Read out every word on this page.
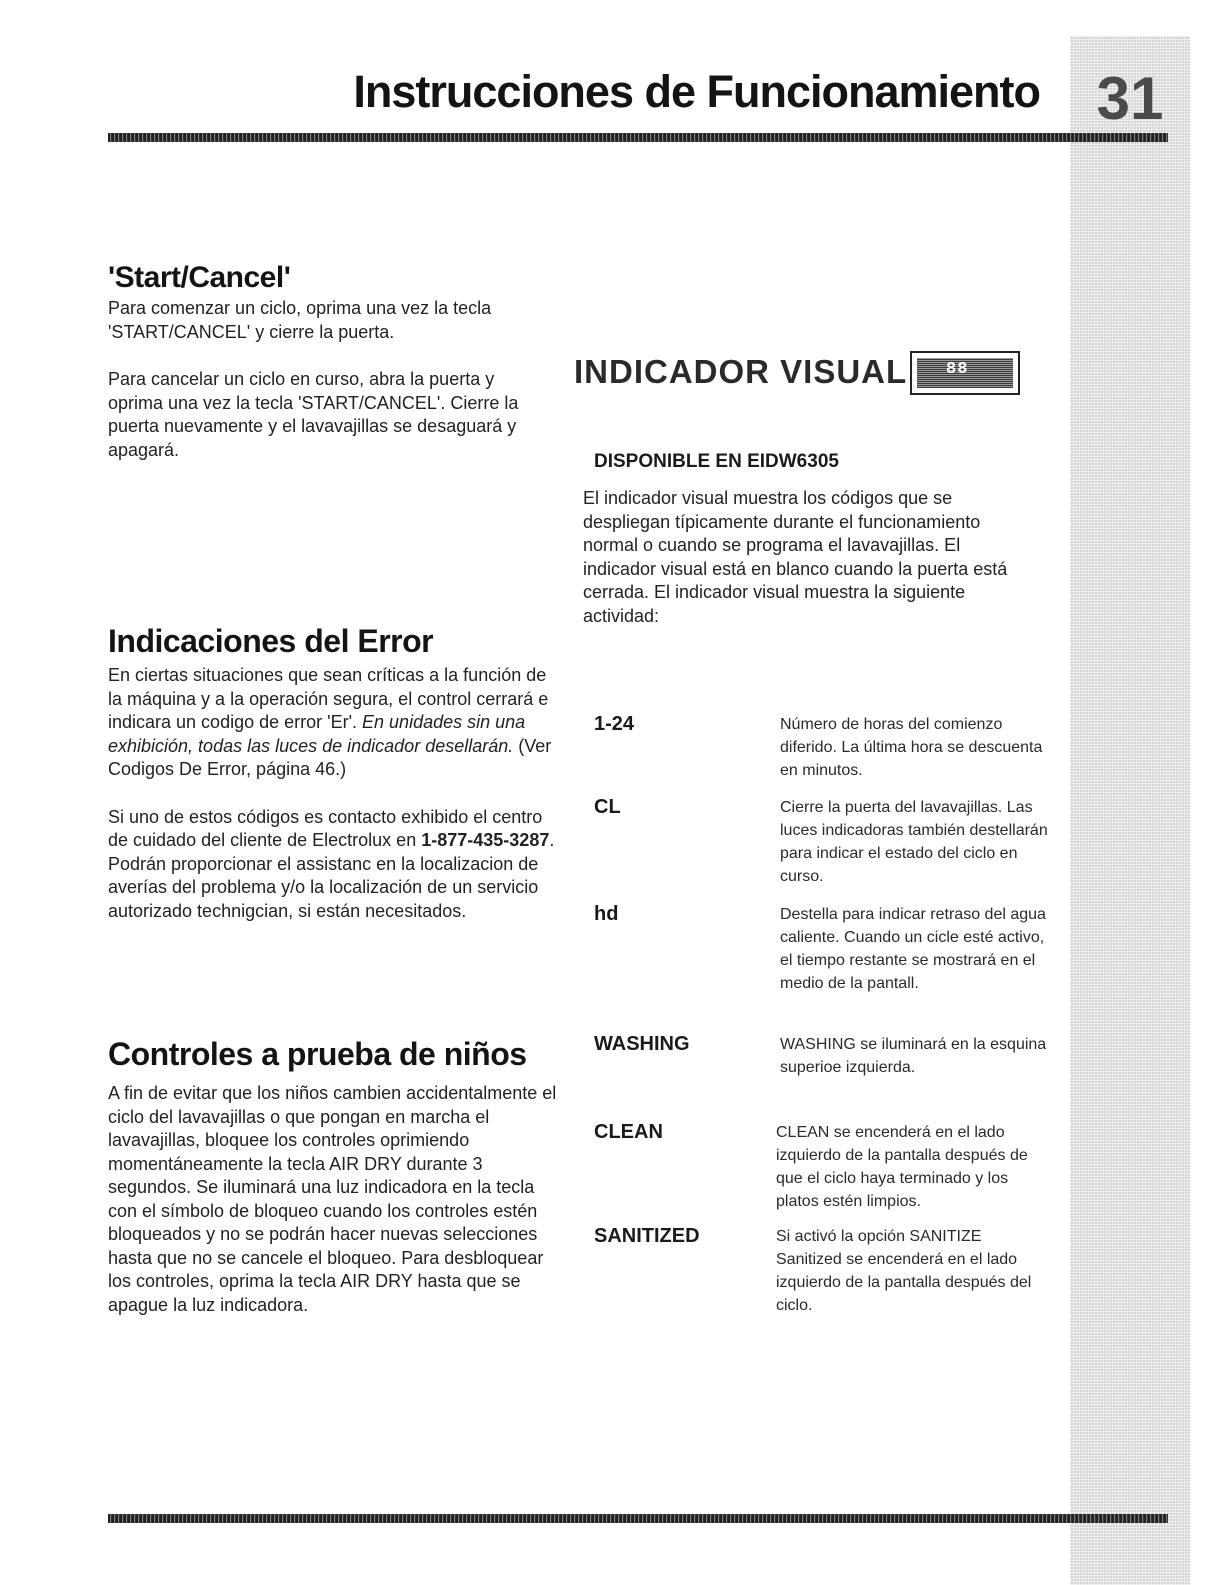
31
Instrucciones de Funcionamiento
'Start/Cancel'

Para comenzar un ciclo, oprima una vez la tecla 'START/CANCEL' y cierre la puerta.

Para cancelar un ciclo en curso, abra la puerta y oprima una vez la tecla 'START/CANCEL'. Cierre la puerta nuevamente y el lavavajillas se desaguará y apagará.

Indicaciones del Error

En ciertas situaciones que sean críticas a la función de la máquina y a la operación segura, el control cerrará e indicara un codigo de error 'Er'. En unidades sin una exhibición, todas las luces de indicador desellarán. (Ver Codigos De Error, página 46.)

Si uno de estos códigos es contacto exhibido el centro de cuidado del cliente de Electrolux en 1-877-435-3287. Podrán proporcionar el assistanc en la localizacion de averías del problema y/o la localización de un servicio autorizado technigcian, si están necesitados.

Controles a prueba de niños

A fin de evitar que los niños cambien accidentalmente el ciclo del lavavajillas o que pongan en marcha el lavavajillas, bloquee los controles oprimiendo momentáneamente la tecla AIR DRY durante 3 segundos. Se iluminará una luz indicadora en la tecla con el símbolo de bloqueo cuando los controles estén bloqueados y no se podrán hacer nuevas selecciones hasta que no se cancele el bloqueo. Para desbloquear los controles, oprima la tecla AIR DRY hasta que se apague la luz indicadora.

INDICADOR VISUAL 88
DISPONIBLE EN EIDW6305
El indicador visual muestra los códigos que se despliegan típicamente durante el funcionamiento normal o cuando se programa el lavavajillas. El indicador visual está en blanco cuando la puerta está cerrada. El indicador visual muestra la siguiente actividad:
1-24	Número de horas del comienzo diferido. La última hora se descuenta en minutos.
CL	Cierre la puerta del lavavajillas. Las luces indicadoras también destellarán para indicar el estado del ciclo en curso.
hd	Destella para indicar retraso del agua caliente. Cuando un cicle esté activo, el tiempo restante se mostrará en el medio de la pantall.
WASHING	WASHING se iluminará en la esquina superioe izquierda.
CLEAN	CLEAN se encenderá en el lado izquierdo de la pantalla después de que el ciclo haya terminado y los platos estén limpios.
SANITIZED	Si activó la opción SANITIZE Sanitized se encenderá en el lado izquierdo de la pantalla después del ciclo.
